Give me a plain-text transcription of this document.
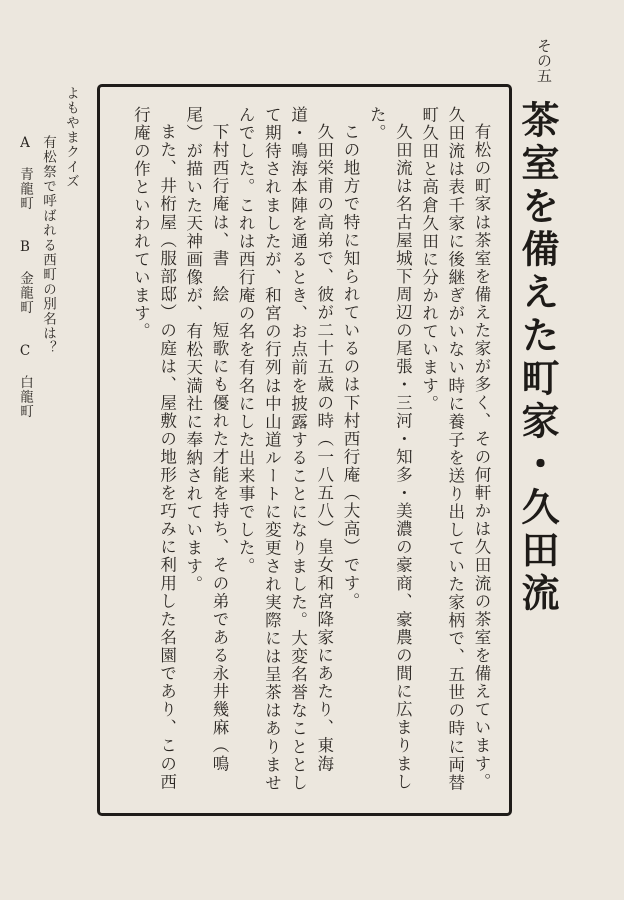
その五
茶室を備えた町家・久田流

有松の町家は茶室を備えた家が多く、その何軒かは久田流の茶室を備えています。久田流は表千家に後継ぎがいない時に養子を送り出していた家柄で、五世の時に両替町久田と高倉久田に分かれています。

久田流は名古屋城下周辺の尾張・三河・知多・美濃の豪商、豪農の間に広まりました。

この地方で特に知られているのは下村西行庵（大高）です。

久田栄甫の高弟で、彼が二十五歳の時（一八五八）皇女和宮降家にあたり、東海道・鳴海本陣を通るとき、お点前を披露することになりました。大変名誉なこととして期待されましたが、和宮の行列は中山道ルートに変更され実際には呈茶はありませんでした。これは西行庵の名を有名にした出来事でした。

下村西行庵は、書　絵　短歌にも優れた才能を持ち、その弟である永井幾麻（鳴尾）が描いた天神画像が、有松天満社に奉納されています。

また、井桁屋（服部邸）の庭は、屋敷の地形を巧みに利用した名園であり、この西行庵の作といわれています。

よもやまクイズ

有松祭で呼ばれる西町の別名は？

A　青龍町　B　金龍町　C　白龍町
